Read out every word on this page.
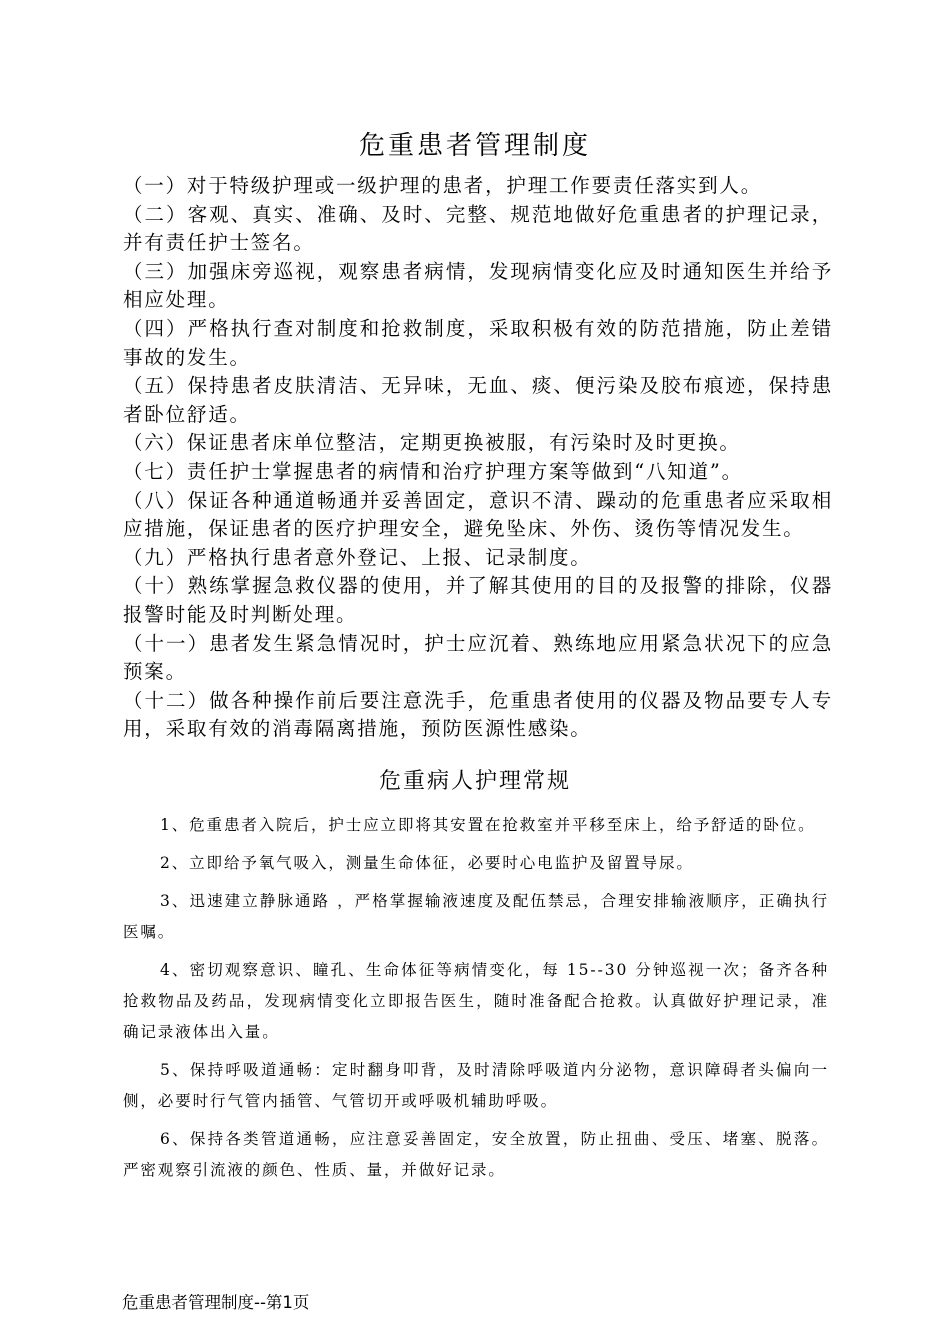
危重患者管理制度
（一）对于特级护理或一级护理的患者，护理工作要责任落实到人。
（二）客观、真实、准确、及时、完整、规范地做好危重患者的护理记录，并有责任护士签名。
（三）加强床旁巡视，观察患者病情，发现病情变化应及时通知医生并给予相应处理。
（四）严格执行查对制度和抢救制度，采取积极有效的防范措施，防止差错事故的发生。
（五）保持患者皮肤清洁、无异味，无血、痰、便污染及胶布痕迹，保持患者卧位舒适。
（六）保证患者床单位整洁，定期更换被服，有污染时及时更换。
（七）责任护士掌握患者的病情和治疗护理方案等做到“八知道”。
（八）保证各种通道畅通并妥善固定，意识不清、躁动的危重患者应采取相应措施，保证患者的医疗护理安全，避免坠床、外伤、烫伤等情况发生。
（九）严格执行患者意外登记、上报、记录制度。
（十）熟练掌握急救仪器的使用，并了解其使用的目的及报警的排除，仪器报警时能及时判断处理。
（十一）患者发生紧急情况时，护士应沉着、熟练地应用紧急状况下的应急预案。
（十二）做各种操作前后要注意洗手，危重患者使用的仪器及物品要专人专用，采取有效的消毒隔离措施，预防医源性感染。
危重病人护理常规
1、危重患者入院后，护士应立即将其安置在抢救室并平移至床上，给予舒适的卧位。
2、立即给予氧气吸入，测量生命体征，必要时心电监护及留置导尿。
3、迅速建立静脉通路 ，严格掌握输液速度及配伍禁忌，合理安排输液顺序，正确执行医嘱。
4、密切观察意识、瞳孔、生命体征等病情变化，每 15--30 分钟巡视一次；备齐各种抢救物品及药品，发现病情变化立即报告医生，随时准备配合抢救。认真做好护理记录，准确记录液体出入量。
5、保持呼吸道通畅：定时翻身叩背，及时清除呼吸道内分泌物，意识障碍者头偏向一侧，必要时行气管内插管、气管切开或呼吸机辅助呼吸。
6、保持各类管道通畅，应注意妥善固定，安全放置，防止扭曲、受压、堵塞、脱落。严密观察引流液的颜色、性质、量，并做好记录。
危重患者管理制度--第1页
